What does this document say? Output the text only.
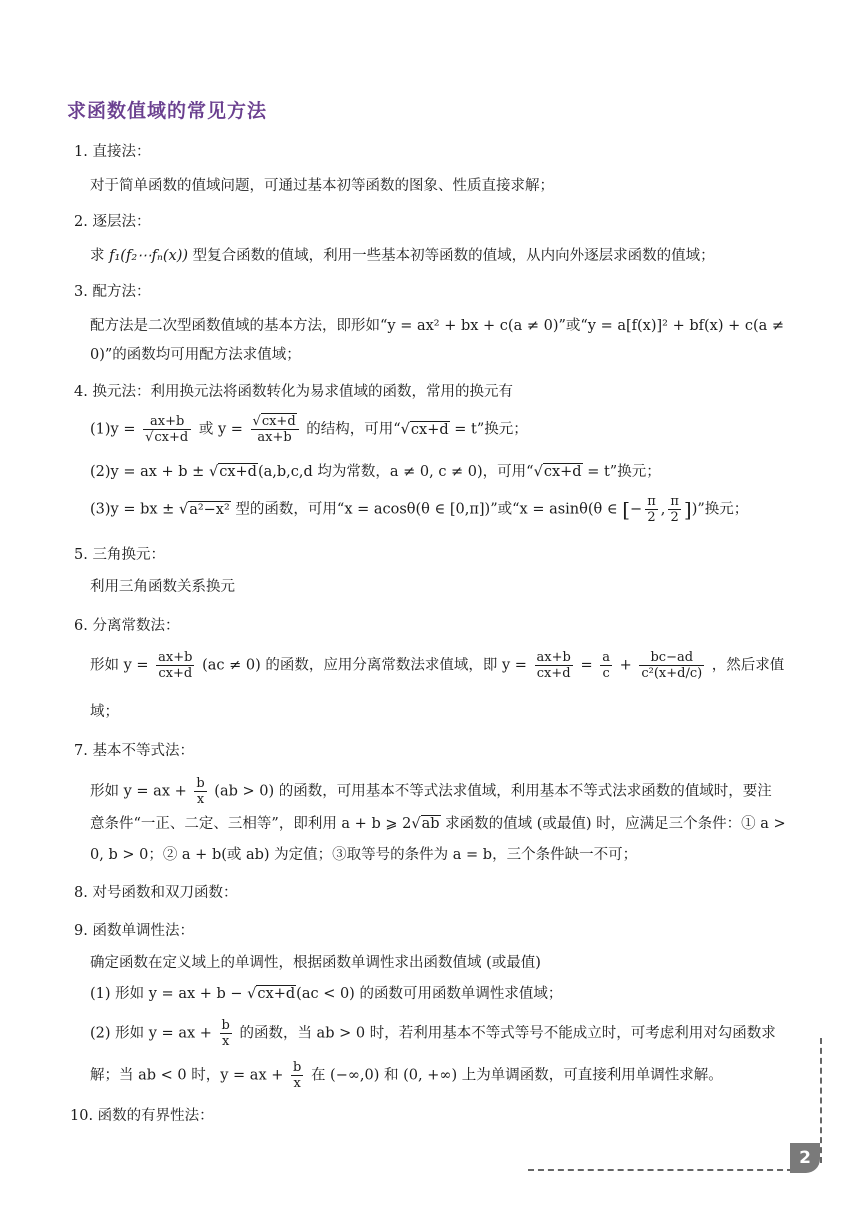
求函数值域的常见方法
1. 直接法：
对于简单函数的值域问题，可通过基本初等函数的图象、性质直接求解；
2. 逐层法：
求 f₁(f₂⋯fₙ(x)) 型复合函数的值域，利用一些基本初等函数的值域，从内向外逐层求函数的值域；
3. 配方法：
配方法是二次型函数值域的基本方法，即形如“y = ax² + bx + c(a ≠ 0)”或“y = a[f(x)]² + bf(x) + c(a ≠
0)”的函数均可用配方法求值域；
4. 换元法：利用换元法将函数转化为易求值域的函数，常用的换元有
$(1)y = \frac{ax+b}{√cx+d}$ 或 $y = \frac{√cx+d}{ax+b}$ 的结构，可用“√cx+d = t”换元；
(2)y = ax + b ± √cx+d(a,b,c,d 均为常数，a ≠ 0, c ≠ 0)，可用“√cx+d = t”换元；
(3)y = bx ± √a²−x² 型的函数，可用“x = acosθ(θ ∈ [0,π])”或“x = asinθ(θ ∈ [− $\frac{\pi}{2}$ , $\frac{\pi}{2}$ ])”换元；
5. 三角换元：
利用三角函数关系换元
6. 分离常数法：
形如 $y = \frac{ax+b}{cx+d} (ac \ne 0)$ 的函数，应用分离常数法求值域，即 $y = \frac{ax+b}{cx+d} = \frac{a}{c} + \frac{bc-ad}{\text{c²(x+d/c)}}$ ，然后求值
域；
7. 基本不等式法：
形如 y = ax + $\frac{b}{x} (ab > 0)$ 的函数，可用基本不等式法求值域，利用基本不等式法求函数的值域时，要注
意条件“一正、二定、三相等”，即利用 a + b ⩾ 2√ab 求函数的值域 (或最值) 时，应满足三个条件：① a >
0, b > 0；② a + b(或 ab) 为定值；③取等号的条件为 a = b，三个条件缺一不可；
8. 对号函数和双刀函数：
9. 函数单调性法：
确定函数在定义域上的单调性，根据函数单调性求出函数值域 (或最值)
(1) 形如 y = ax + b − √cx+d(ac < 0) 的函数可用函数单调性求值域；
(2) 形如 y = ax + $\frac{b}{x}$ 的函数，当 ab > 0 时，若利用基本不等式等号不能成立时，可考虑利用对勾函数求
解；当 ab < 0 时，y = ax + $\frac{b}{x}$ 在 (−∞,0) 和 (0, +∞) 上为单调函数，可直接利用单调性求解。
10. 函数的有界性法：
2
